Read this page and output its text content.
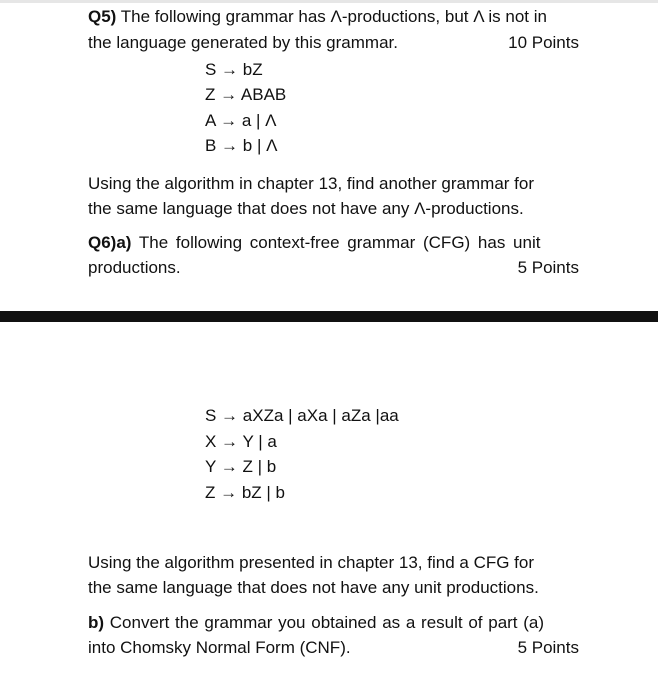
Q5) The following grammar has Λ-productions, but Λ is not in
the language generated by this grammar.	10 Points
S → bZ
Z → ABAB
A → a | Λ
B → b | Λ
Using the algorithm in chapter 13, find another grammar for
the same language that does not have any Λ-productions.
Q6)a) The following context-free grammar (CFG) has unit
productions.	5 Points
S → aXZa | aXa | aZa |aa
X → Y | a
Y → Z | b
Z → bZ | b
Using the algorithm presented in chapter 13, find a CFG for
the same language that does not have any unit productions.
b) Convert the grammar you obtained as a result of part (a)
into Chomsky Normal Form (CNF).	5 Points
